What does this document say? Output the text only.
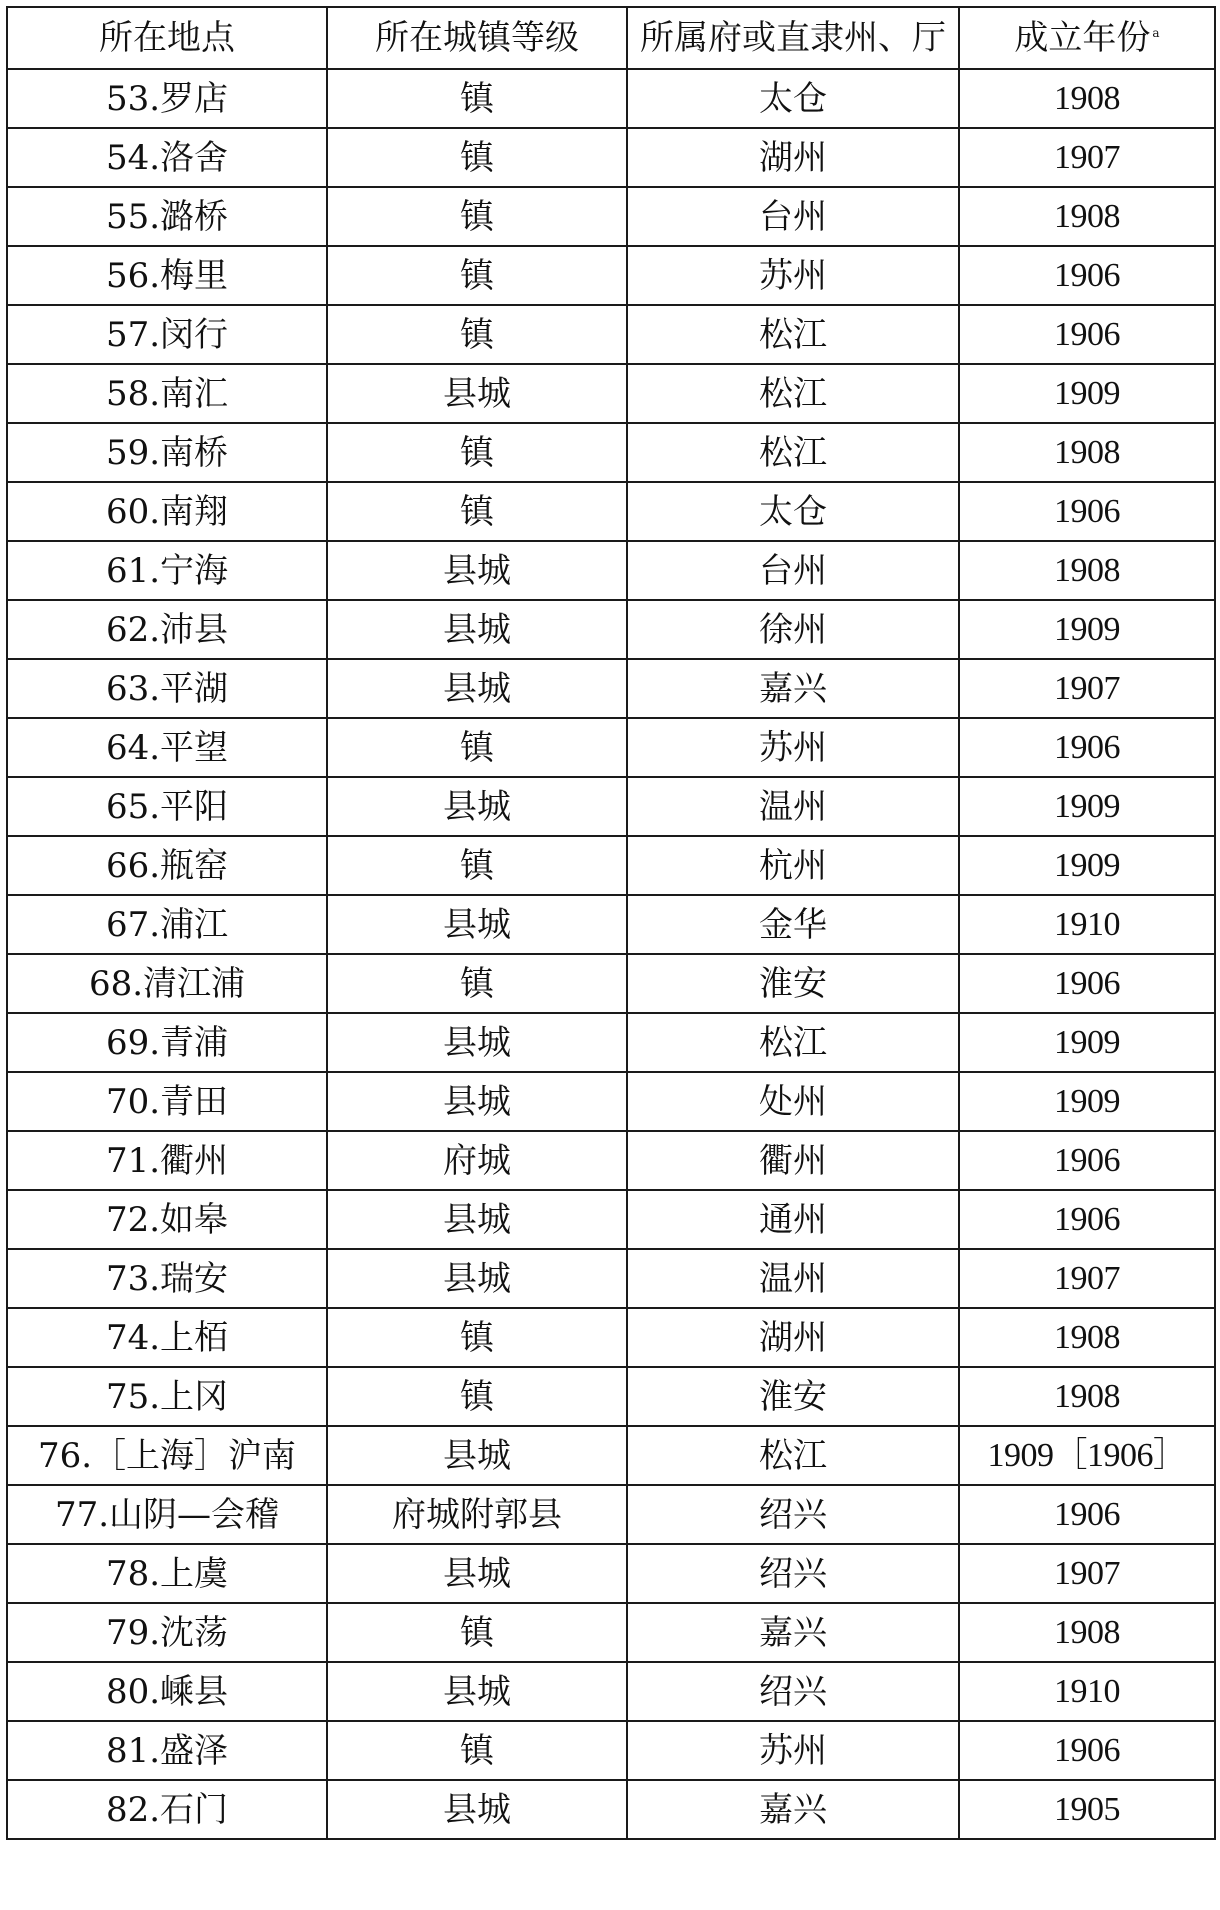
所在地点	所在城镇等级	所属府或直隶州、厅	成立年份 $^a$
53.罗店	镇	太仓	1908
54.洛舍	镇	湖州	1907
55.潞桥	镇	台州	1908
56.梅里	镇	苏州	1906
57.闵行	镇	松江	1906
58.南汇	县城	松江	1909
59.南桥	镇	松江	1908
60.南翔	镇	太仓	1906
61.宁海	县城	台州	1908
62.沛县	县城	徐州	1909
63.平湖	县城	嘉兴	1907
64.平望	镇	苏州	1906
65.平阳	县城	温州	1909
66.瓶窑	镇	杭州	1909
67.浦江	县城	金华	1910
68.清江浦	镇	淮安	1906
69.青浦	县城	松江	1909
70.青田	县城	处州	1909
71.衢州	府城	衢州	1906
72.如皋	县城	通州	1906
73.瑞安	县城	温州	1907
74.上栢	镇	湖州	1908
75.上冈	镇	淮安	1908
76.［上海］沪南	县城	松江	1909［1906］
77.山阴—会稽	府城附郭县	绍兴	1906
78.上虞	县城	绍兴	1907
79.沈荡	镇	嘉兴	1908
80.嵊县	县城	绍兴	1910
81.盛泽	镇	苏州	1906
82.石门	县城	嘉兴	1905
